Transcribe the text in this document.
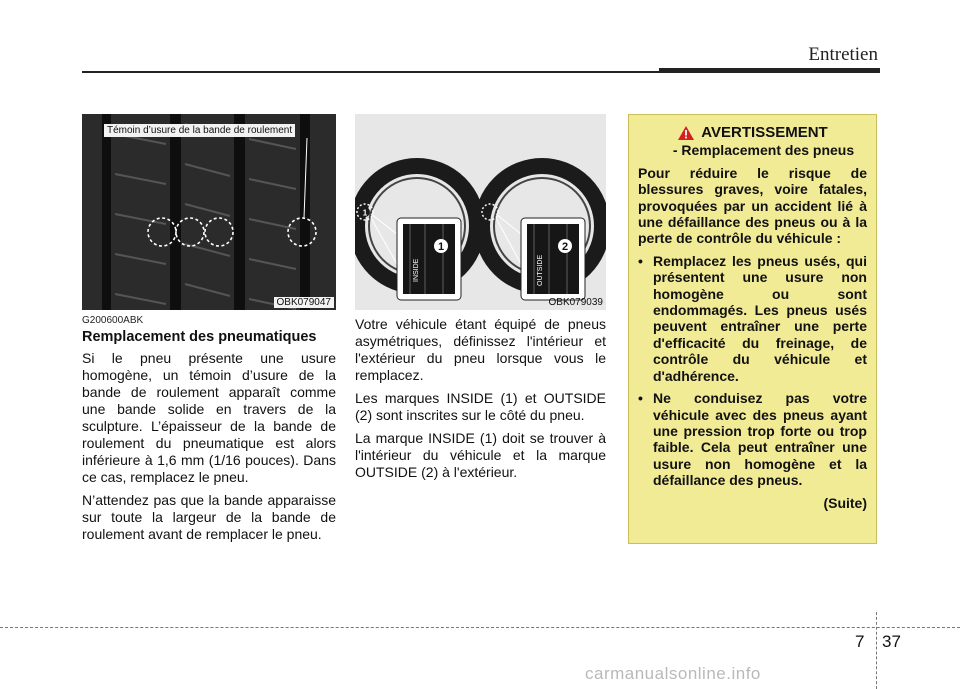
Entretien
Témoin d’usure de la bande de roulement
OBK079047
G200600ABK
Remplacement des pneumatiques

Si le pneu présente une usure homogène, un témoin d’usure de la bande de roulement apparaît comme une bande solide en travers de la sculpture. L’épaisseur de la bande de roulement du pneumatique est alors inférieure à 1,6 mm (1/16 pouces). Dans ce cas, remplacez le pneu.

N’attendez pas que la bande apparaisse sur toute la largeur de la bande de roulement avant de remplacer le pneu.

1
1	2
INSIDE	OUTSIDE
OBK079039

Votre véhicule étant équipé de pneus asymétriques, définissez l'intérieur et l'extérieur du pneu lorsque vous le remplacez.

Les marques INSIDE (1) et OUTSIDE (2) sont inscrites sur le côté du pneu.

La marque INSIDE (1) doit se trouver à l'intérieur du véhicule et la marque OUTSIDE (2) à l'extérieur.

AVERTISSEMENT
- Remplacement des pneus
Pour réduire le risque de blessures graves, voire fatales, provoquées par un accident lié à une défaillance des pneus ou à la perte de contrôle du véhicule :
• Remplacez les pneus usés, qui présentent une usure non homogène ou sont endommagés. Les pneus usés peuvent entraîner une perte d'efficacité du freinage, de contrôle du véhicule et d'adhérence.
• Ne conduisez pas votre véhicule avec des pneus ayant une pression trop forte ou trop faible. Cela peut entraîner une usure non homogène et la défaillance des pneus.
(Suite)
7 37
carmanualsonline.info
